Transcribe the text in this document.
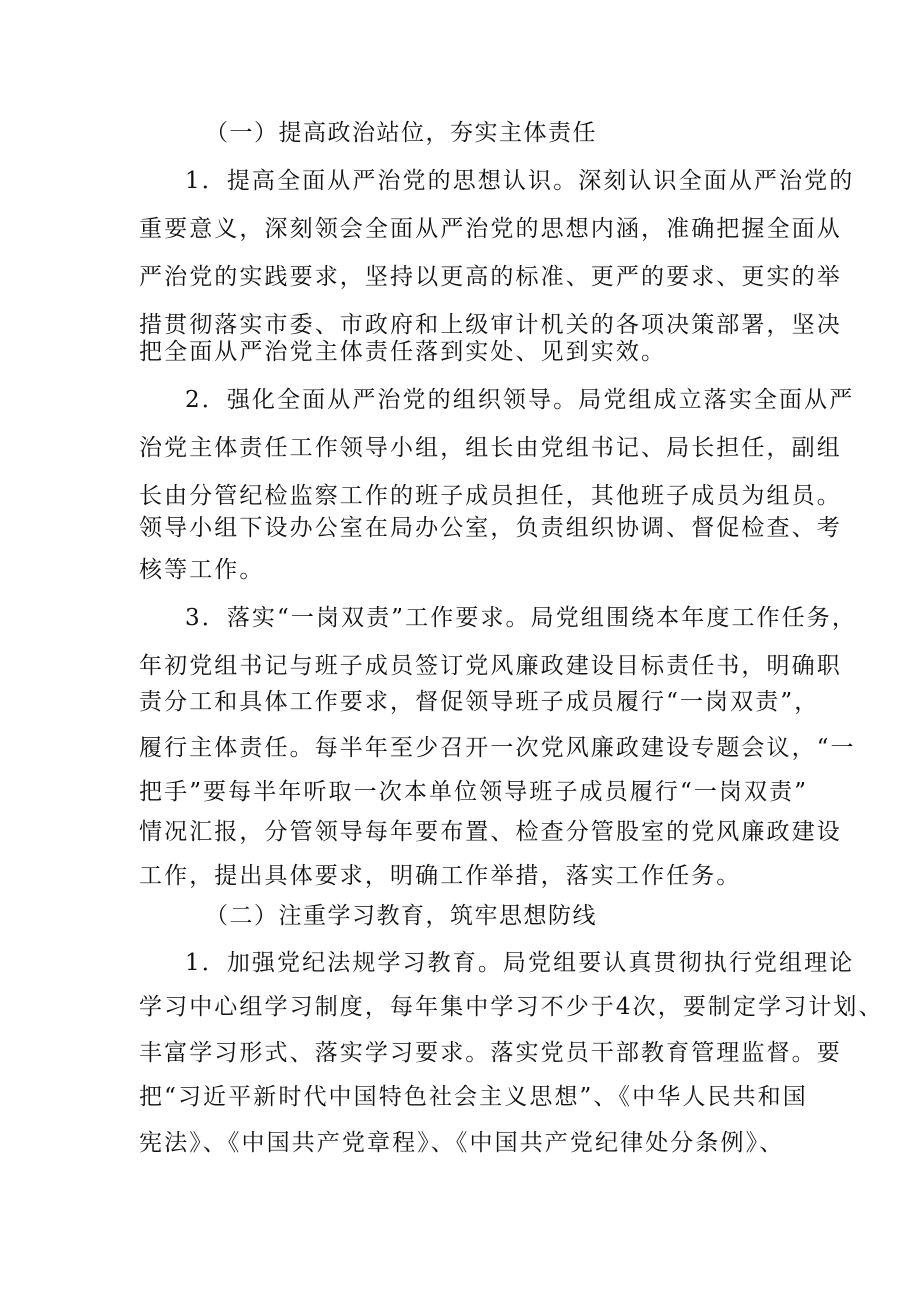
（一）提高政治站位，夯实主体责任
1．提高全面从严治党的思想认识。深刻认识全面从严治党的
重要意义，深刻领会全面从严治党的思想内涵，准确把握全面从
严治党的实践要求，坚持以更高的标准、更严的要求、更实的举
措贯彻落实市委、市政府和上级审计机关的各项决策部署，坚决
把全面从严治党主体责任落到实处、见到实效。
2．强化全面从严治党的组织领导。局党组成立落实全面从严
治党主体责任工作领导小组，组长由党组书记、局长担任，副组
长由分管纪检监察工作的班子成员担任，其他班子成员为组员。
领导小组下设办公室在局办公室，负责组织协调、督促检查、考
核等工作。
3．落实“一岗双责”工作要求。局党组围绕本年度工作任务，
年初党组书记与班子成员签订党风廉政建设目标责任书，明确职
责分工和具体工作要求，督促领导班子成员履行“一岗双责”，
履行主体责任。每半年至少召开一次党风廉政建设专题会议，“一
把手”要每半年听取一次本单位领导班子成员履行“一岗双责”
情况汇报，分管领导每年要布置、检查分管股室的党风廉政建设
工作，提出具体要求，明确工作举措，落实工作任务。
（二）注重学习教育，筑牢思想防线
1．加强党纪法规学习教育。局党组要认真贯彻执行党组理论
学习中心组学习制度，每年集中学习不少于4次，要制定学习计划、
丰富学习形式、落实学习要求。落实党员干部教育管理监督。要
把“习近平新时代中国特色社会主义思想”、《中华人民共和国
宪法》、《中国共产党章程》、《中国共产党纪律处分条例》、
